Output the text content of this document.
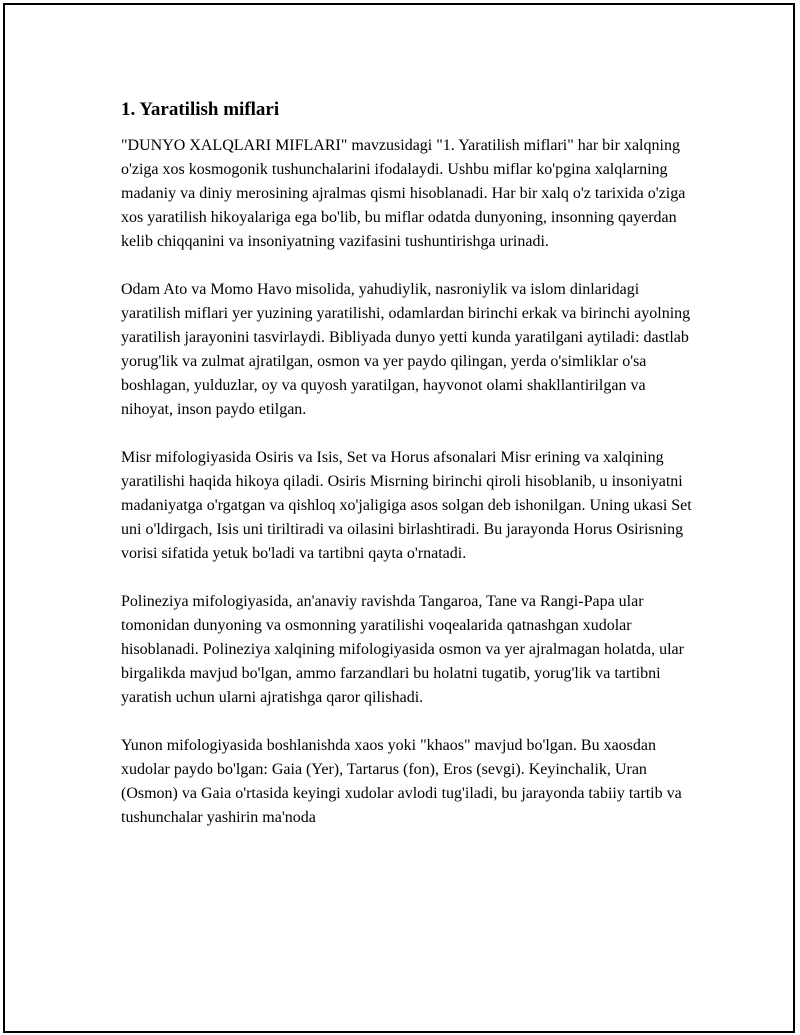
1. Yaratilish miflari

"DUNYO XALQLARI MIFLARI" mavzusidagi "1. Yaratilish miflari" har bir xalqning o'ziga xos kosmogonik tushunchalarini ifodalaydi. Ushbu miflar ko'pgina xalqlarning madaniy va diniy merosining ajralmas qismi hisoblanadi. Har bir xalq o'z tarixida o'ziga xos yaratilish hikoyalariga ega bo'lib, bu miflar odatda dunyoning, insonning qayerdan kelib chiqqanini va insoniyatning vazifasini tushuntirishga urinadi.

Odam Ato va Momo Havo misolida, yahudiylik, nasroniylik va islom dinlaridagi yaratilish miflari yer yuzining yaratilishi, odamlardan birinchi erkak va birinchi ayolning yaratilish jarayonini tasvirlaydi. Bibliyada dunyo yetti kunda yaratilgani aytiladi: dastlab yorug'lik va zulmat ajratilgan, osmon va yer paydo qilingan, yerda o'simliklar o'sa boshlagan, yulduzlar, oy va quyosh yaratilgan, hayvonot olami shakllantirilgan va nihoyat, inson paydo etilgan.

Misr mifologiyasida Osiris va Isis, Set va Horus afsonalari Misr erining va xalqining yaratilishi haqida hikoya qiladi. Osiris Misrning birinchi qiroli hisoblanib, u insoniyatni madaniyatga o'rgatgan va qishloq xo'jaligiga asos solgan deb ishonilgan. Uning ukasi Set uni o'ldirgach, Isis uni tiriltiradi va oilasini birlashtiradi. Bu jarayonda Horus Osirisning vorisi sifatida yetuk bo'ladi va tartibni qayta o'rnatadi.

Polineziya mifologiyasida, an'anaviy ravishda Tangaroa, Tane va Rangi-Papa ular tomonidan dunyoning va osmonning yaratilishi voqealarida qatnashgan xudolar hisoblanadi. Polineziya xalqining mifologiyasida osmon va yer ajralmagan holatda, ular birgalikda mavjud bo'lgan, ammo farzandlari bu holatni tugatib, yorug'lik va tartibni yaratish uchun ularni ajratishga qaror qilishadi.

Yunon mifologiyasida boshlanishda xaos yoki "khaos" mavjud bo'lgan. Bu xaosdan xudolar paydo bo'lgan: Gaia (Yer), Tartarus (fon), Eros (sevgi). Keyinchalik, Uran (Osmon) va Gaia o'rtasida keyingi xudolar avlodi tug'iladi, bu jarayonda tabiiy tartib va tushunchalar yashirin ma'noda
